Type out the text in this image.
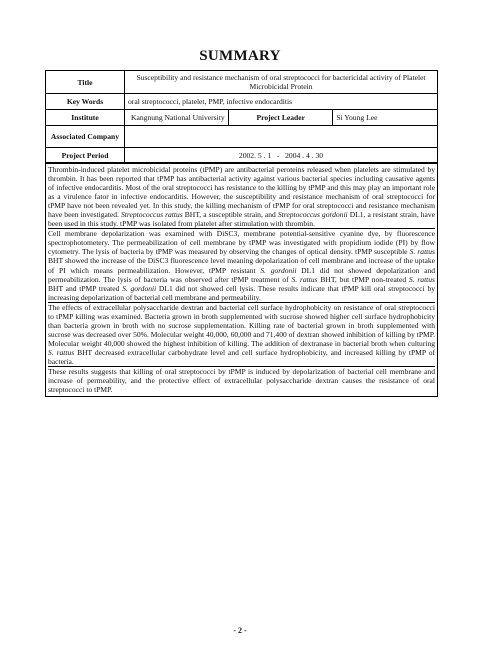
SUMMARY
Title	Susceptibility and resistance mechanism of oral streptococci for bactericidal activity of Platelet Microbicidal Protein		
Key Words	oral streptococci, platelet, PMP, infective endocarditis		
Institute	Kangnung National University	Project Leader	Si Young Lee
Associated Company			
Project Period	2002. 5 . 1   -   2004 . 4 . 30		

Thrombin-induced platelet microbicidal proteins (tPMP) are antibacterial peroteins released when platelets are stimulated by thrombin. It has been reported that tPMP has antibacterial activity against various bacterial species including causative agents of infective endocarditis. Most of the oral streptococci has resistance to the killing by tPMP and this may play an important role as a virulence fator in infective endocarditis. However, the susceptibility and resistance mechanism of oral streptococci for tPMP have not been revealed yet. In this study, the killing mechanism of tPMP for oral streptococci and resistance mechanism have been investigated. Streptococcus rattus BHT, a susceptible strain, and Streptococcus gordonii DL1, a resistant strain, have been used in this study. tPMP was isolated from platelet after stimulation with thrombin.

Cell membrane depolarization was examined with DiSC3, membrane potential-sensitive cyanine dye, by fluorescence spectrophotometery. The permeabilization of cell membrane by tPMP was investigated with propidium iodide (PI) by flow cytometry. The lysis of bacteria by tPMP was measured by observing the changes of optical density. tPMP susceptible S. rattus BHT showed the increase of the DiSC3 fluorescence level meaning depolarization of cell membrane and increase of the uptake of PI which means permeabilization. However, tPMP resistant S. gordonii DL1 did not showed depolarization and permeabilization. The lysis of bacteria was observed after tPMP treatment of S. rattus BHT, but tPMP non-treated S. rattus BHT and tPMP treated S. gordonii DL1 did not showed cell lysis. These results indicate that tPMP kill oral streptococci by increasing depolarization of bacterial cell membrane and permeability.

The effects of extracellular polysaccharide dextran and bacterial cell surface hydrophobicity on resistance of oral streptococci to tPMP killing was examined. Bacteria grown in broth supplemented with sucrose showed higher cell surface hydrophobicity than bacteria grown in broth with no sucrose supplementation. Killing rate of bacterial grown in broth supplemented with sucrose was decreased over 50%. Molecular weight 40,000, 60,000 and 71,400 of dextran showed inhibition of killing by tPMP. Molecular weight 40,000 showed the highest inhibition of killing. The addition of dextranase in bacterial broth when culturing S. rattus BHT decreased extracellular carbohydrate level and cell surface hydrophobicity, and increased killing by tPMP of bacteria.

These results suggests that killing of oral streptococci by tPMP is induced by depolarization of bacterial cell membrane and increase of permeability, and the protective effect of extracellular polysaccharide dextran causes the resistance of oral streptococci to tPMP.

- 2 -
